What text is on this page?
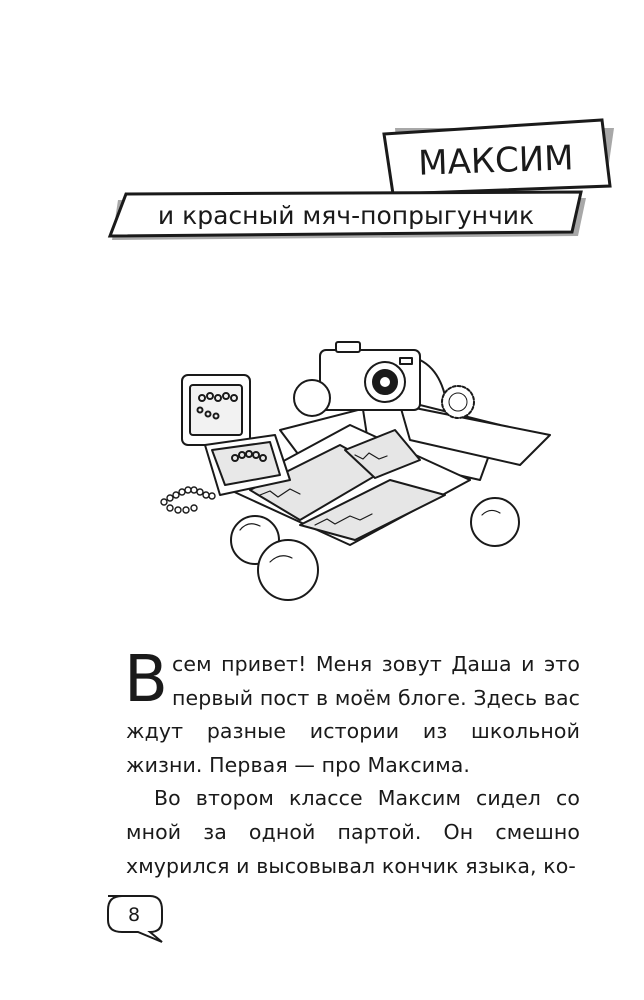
МАКСИМ
и красный мяч-попрыгунчик

Всем привет! Меня зовут Даша и это первый пост в моём блоге. Здесь вас ждут разные истории из школьной жизни. Первая — про Максима.

Во втором классе Максим сидел со мной за одной партой. Он смешно хмурился и высовывал кончик языка, ко-

8
